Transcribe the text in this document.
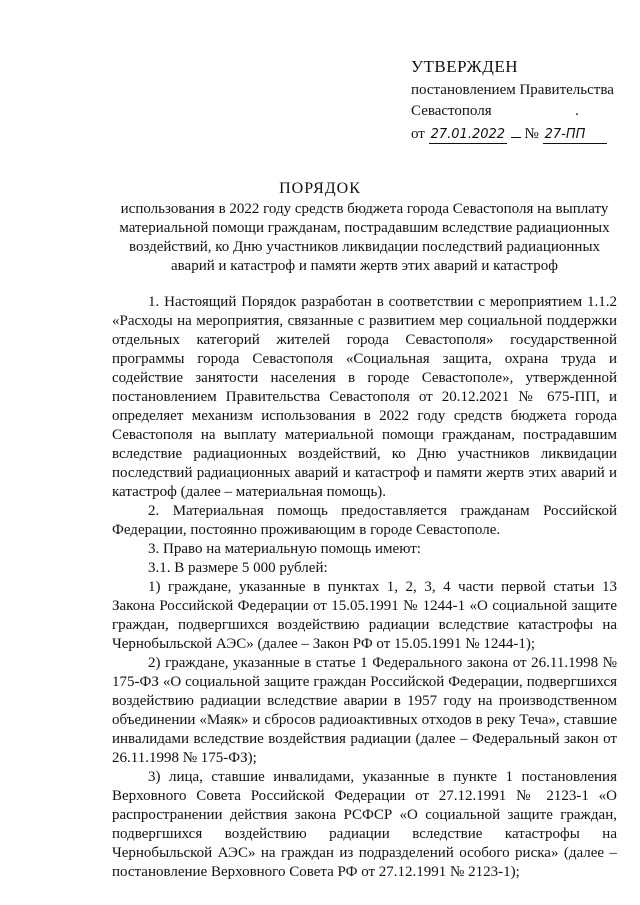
УТВЕРЖДЕН
постановлением Правительства
Севастополя	.
от 27.01.2022 № 27-ПП
ПОРЯДОК
использования в 2022 году средств бюджета города Севастополя на выплату материальной помощи гражданам, пострадавшим вследствие радиационных воздействий, ко Дню участников ликвидации последствий радиационных аварий и катастроф и памяти жертв этих аварий и катастроф

1. Настоящий Порядок разработан в соответствии с мероприятием 1.1.2 «Расходы на мероприятия, связанные с развитием мер социальной поддержки отдельных категорий жителей города Севастополя» государственной программы города Севастополя «Социальная защита, охрана труда и содействие занятости населения в городе Севастополе», утвержденной постановлением Правительства Севастополя от 20.12.2021 № 675-ПП, и определяет механизм использования в 2022 году средств бюджета города Севастополя на выплату материальной помощи гражданам, пострадавшим вследствие радиационных воздействий, ко Дню участников ликвидации последствий радиационных аварий и катастроф и памяти жертв этих аварий и катастроф (далее – материальная помощь).

2. Материальная помощь предоставляется гражданам Российской Федерации, постоянно проживающим в городе Севастополе.

3. Право на материальную помощь имеют:

3.1. В размере 5 000 рублей:

1) граждане, указанные в пунктах 1, 2, 3, 4 части первой статьи 13 Закона Российской Федерации от 15.05.1991 № 1244-1 «О социальной защите граждан, подвергшихся воздействию радиации вследствие катастрофы на Чернобыльской АЭС» (далее – Закон РФ от 15.05.1991 № 1244-1);

2) граждане, указанные в статье 1 Федерального закона от 26.11.1998 № 175-ФЗ «О социальной защите граждан Российской Федерации, подвергшихся воздействию радиации вследствие аварии в 1957 году на производственном объединении «Маяк» и сбросов радиоактивных отходов в реку Теча», ставшие инвалидами вследствие воздействия радиации (далее – Федеральный закон от 26.11.1998 № 175-ФЗ);

3) лица, ставшие инвалидами, указанные в пункте 1 постановления Верховного Совета Российской Федерации от 27.12.1991 № 2123-1 «О распространении действия закона РСФСР «О социальной защите граждан, подвергшихся воздействию радиации вследствие катастрофы на Чернобыльской АЭС» на граждан из подразделений особого риска» (далее – постановление Верховного Совета РФ от 27.12.1991 № 2123-1);
